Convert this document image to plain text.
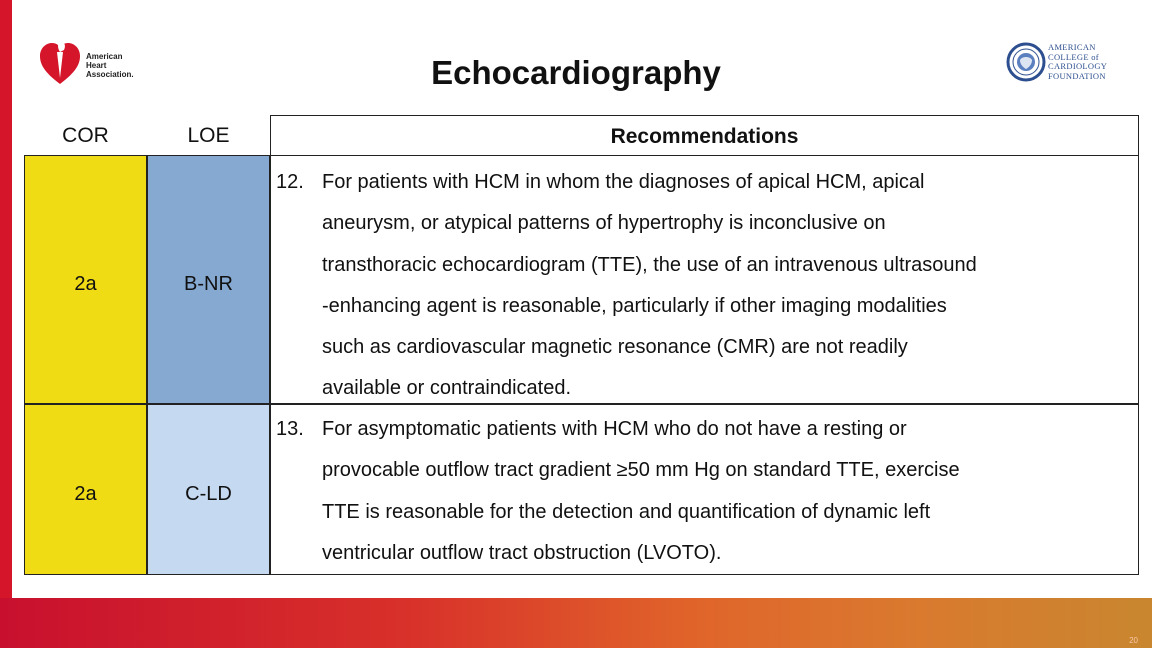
American
Heart
Association.
AMERICAN
COLLEGE of
CARDIOLOGY
FOUNDATION
Echocardiography
COR	LOE	Recommendations
2a	B-NR
12. For patients with HCM in whom the diagnoses of apical HCM, apical
aneurysm, or atypical patterns of hypertrophy is inconclusive on
transthoracic echocardiogram (TTE), the use of an intravenous ultrasound
-enhancing agent is reasonable, particularly if other imaging modalities
such as cardiovascular magnetic resonance (CMR) are not readily
available or contraindicated.
2a	C-LD
13. For asymptomatic patients with HCM who do not have a resting or
provocable outflow tract gradient ≥50 mm Hg on standard TTE, exercise
TTE is reasonable for the detection and quantification of dynamic left
ventricular outflow tract obstruction (LVOTO).
20
